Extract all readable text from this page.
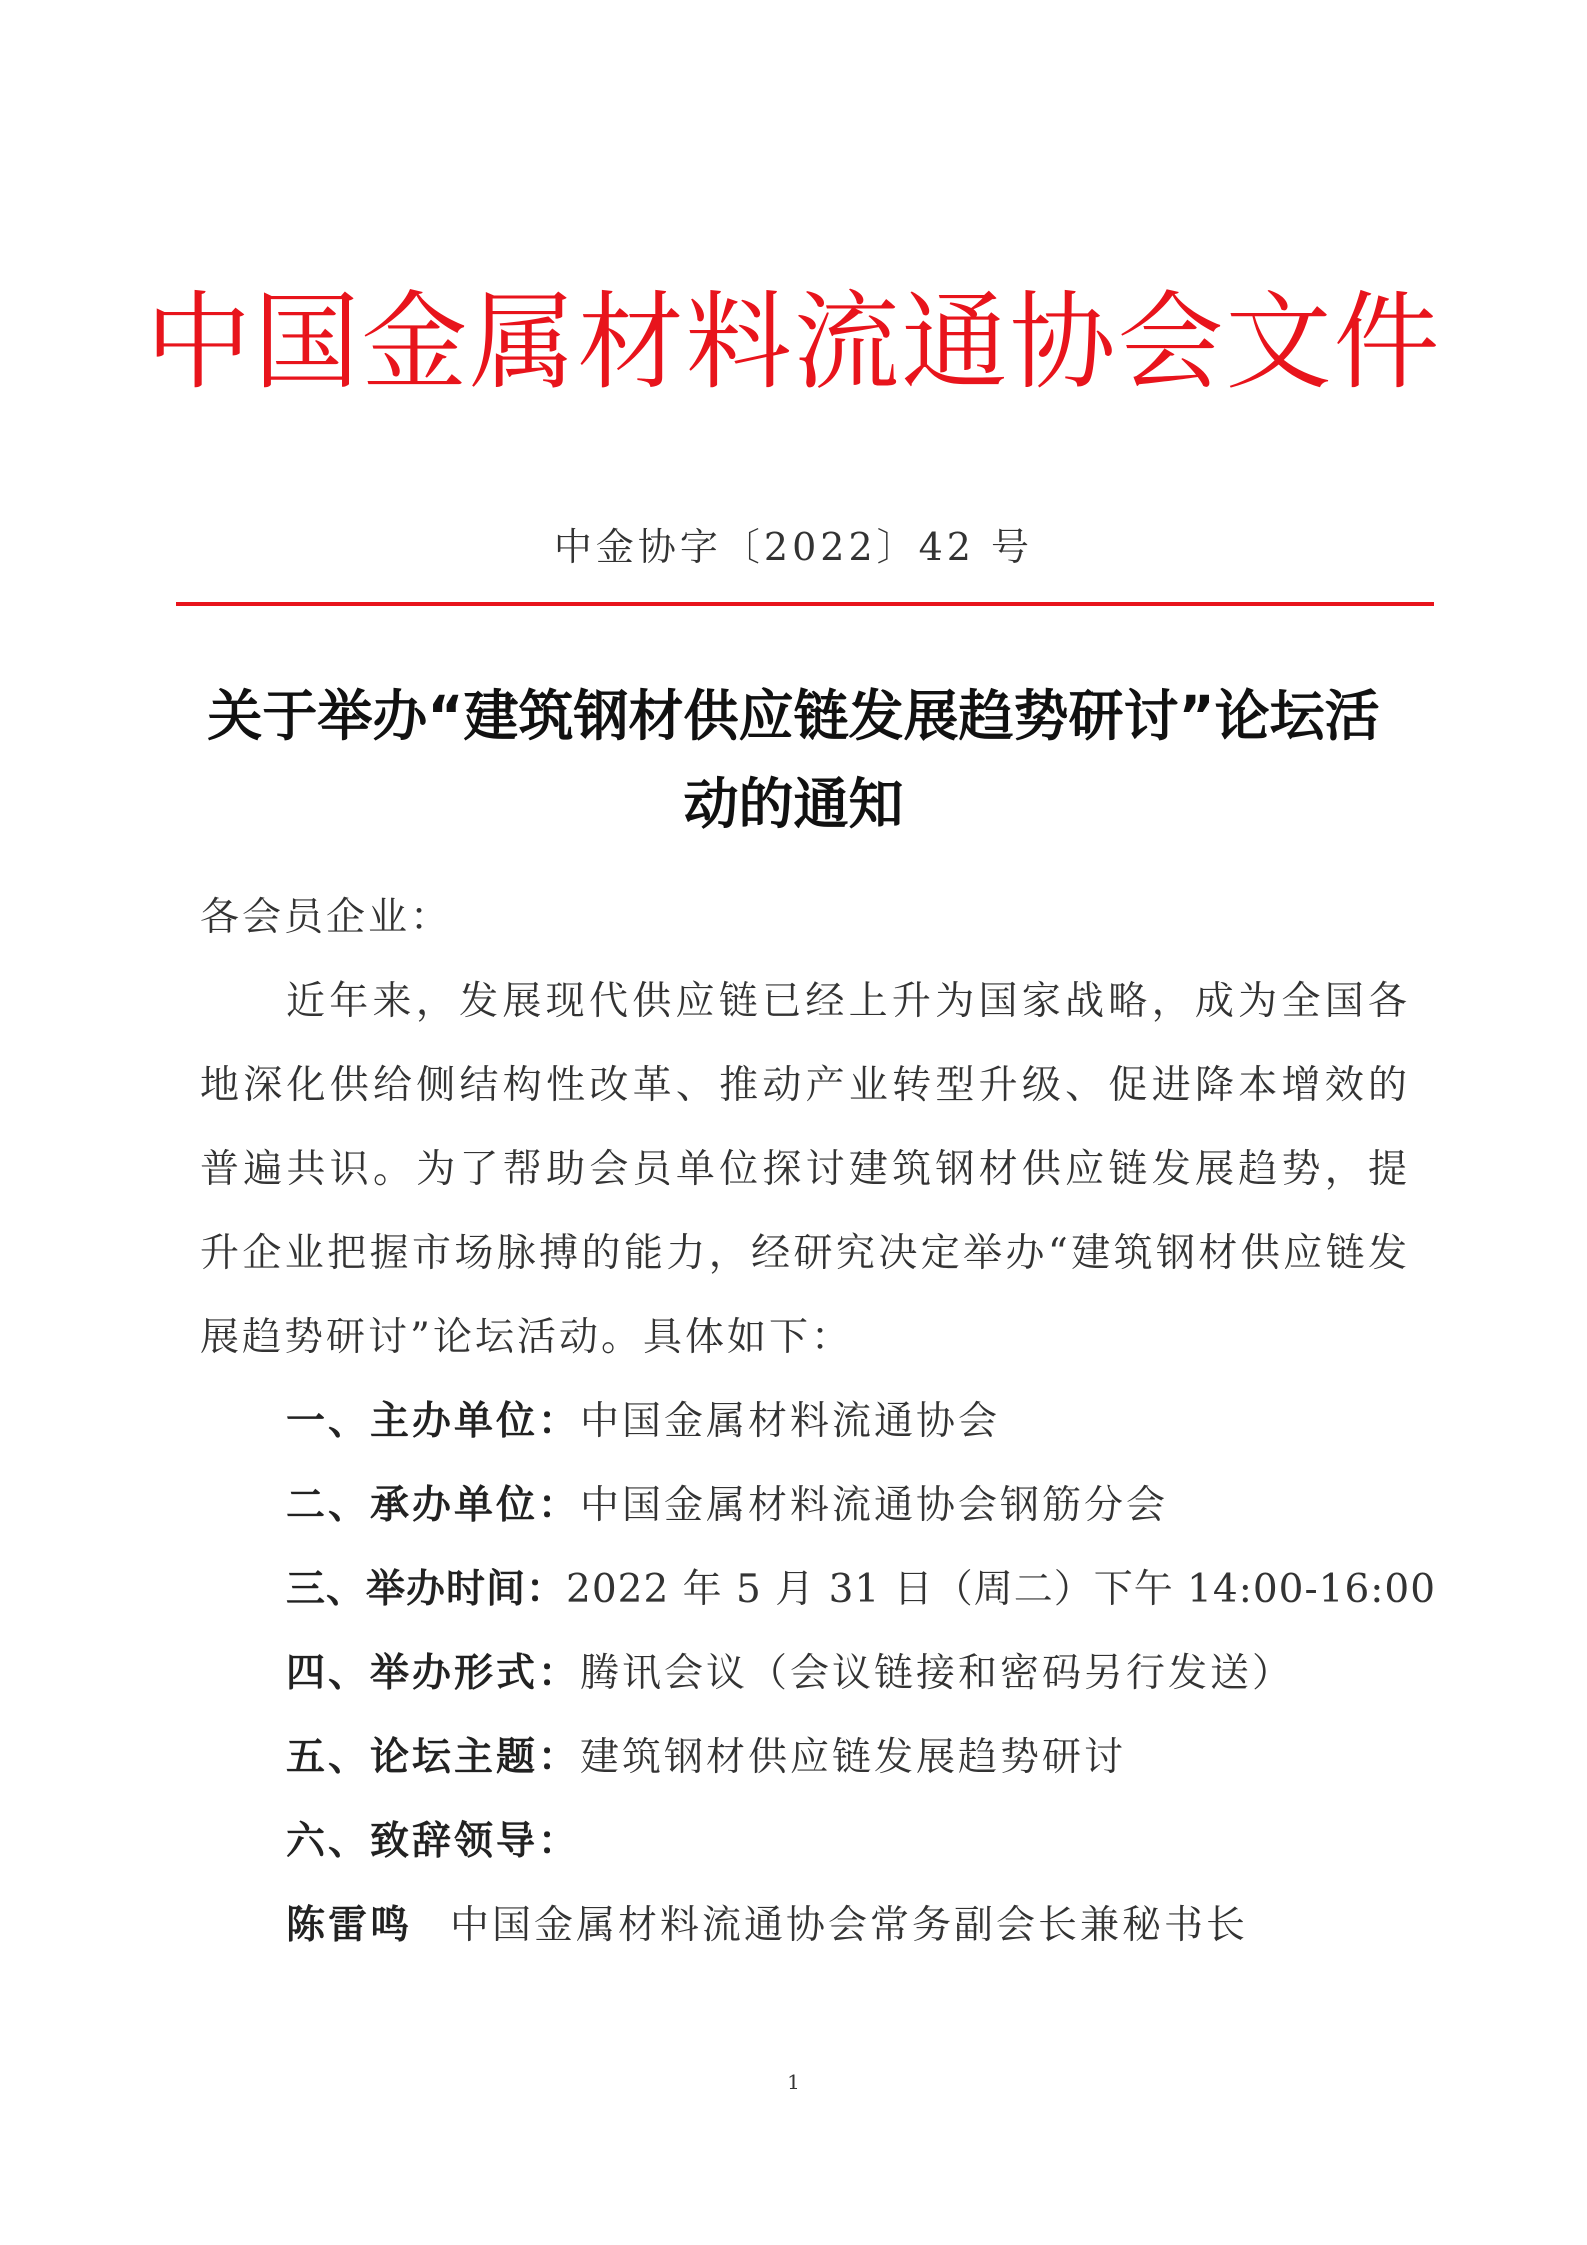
中国金属材料流通协会文件
中金协字〔2022〕42 号
关于举办“建筑钢材供应链发展趋势研讨”论坛活动的通知
各会员企业：
近年来，发展现代供应链已经上升为国家战略，成为全国各地深化供给侧结构性改革、推动产业转型升级、促进降本增效的普遍共识。为了帮助会员单位探讨建筑钢材供应链发展趋势，提升企业把握市场脉搏的能力，经研究决定举办“建筑钢材供应链发展趋势研讨”论坛活动。具体如下：
一、主办单位：中国金属材料流通协会
二、承办单位：中国金属材料流通协会钢筋分会
三、举办时间：2022 年 5 月 31 日（周二）下午 14:00-16:00
四、举办形式：腾讯会议（会议链接和密码另行发送）
五、论坛主题：建筑钢材供应链发展趋势研讨
六、致辞领导：
陈雷鸣 中国金属材料流通协会常务副会长兼秘书长
1
